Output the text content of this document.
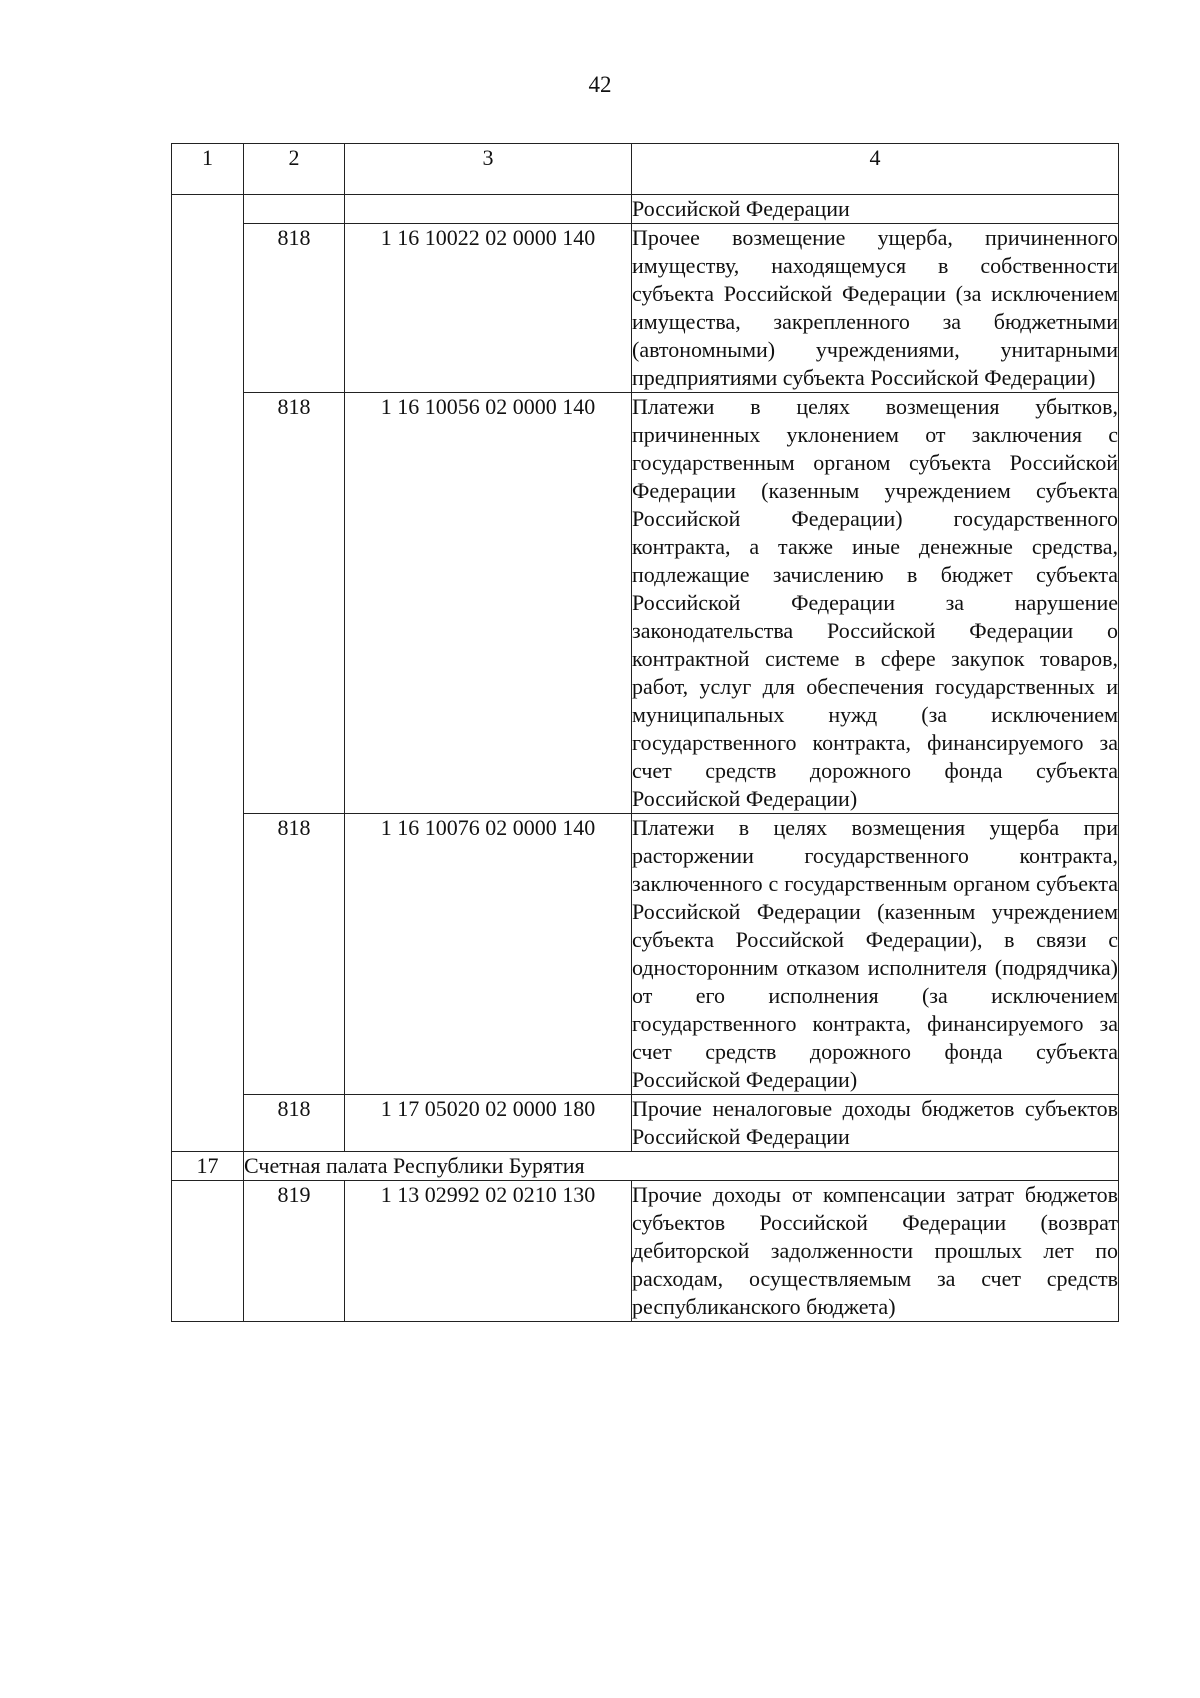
42
1	2	3	4
			Российской Федерации
	818	1 16 10022 02 0000 140	Прочее возмещение ущерба, причиненного имуществу, находящемуся в собственности субъекта Российской Федерации (за исключением имущества, закрепленного за бюджетными (автономными) учреждениями, унитарными предприятиями субъекта Российской Федерации)
	818	1 16 10056 02 0000 140	Платежи в целях возмещения убытков, причиненных уклонением от заключения с государственным органом субъекта Российской Федерации (казенным учреждением субъекта Российской Федерации) государственного контракта, а также иные денежные средства, подлежащие зачислению в бюджет субъекта Российской Федерации за нарушение законодательства Российской Федерации о контрактной системе в сфере закупок товаров, работ, услуг для обеспечения государственных и муниципальных нужд (за исключением государственного контракта, финансируемого за счет средств дорожного фонда субъекта Российской Федерации)
	818	1 16 10076 02 0000 140	Платежи в целях возмещения ущерба при расторжении государственного контракта, заключенного с государственным органом субъекта Российской Федерации (казенным учреждением субъекта Российской Федерации), в связи с односторонним отказом исполнителя (подрядчика) от его исполнения (за исключением государственного контракта, финансируемого за счет средств дорожного фонда субъекта Российской Федерации)
	818	1 17 05020 02 0000 180	Прочие неналоговые доходы бюджетов субъектов Российской Федерации
17	Счетная палата Республики Бурятия		
	819	1 13 02992 02 0210 130	Прочие доходы от компенсации затрат бюджетов субъектов Российской Федерации (возврат дебиторской задолженности прошлых лет по расходам, осуществляемым за счет средств республиканского бюджета)
